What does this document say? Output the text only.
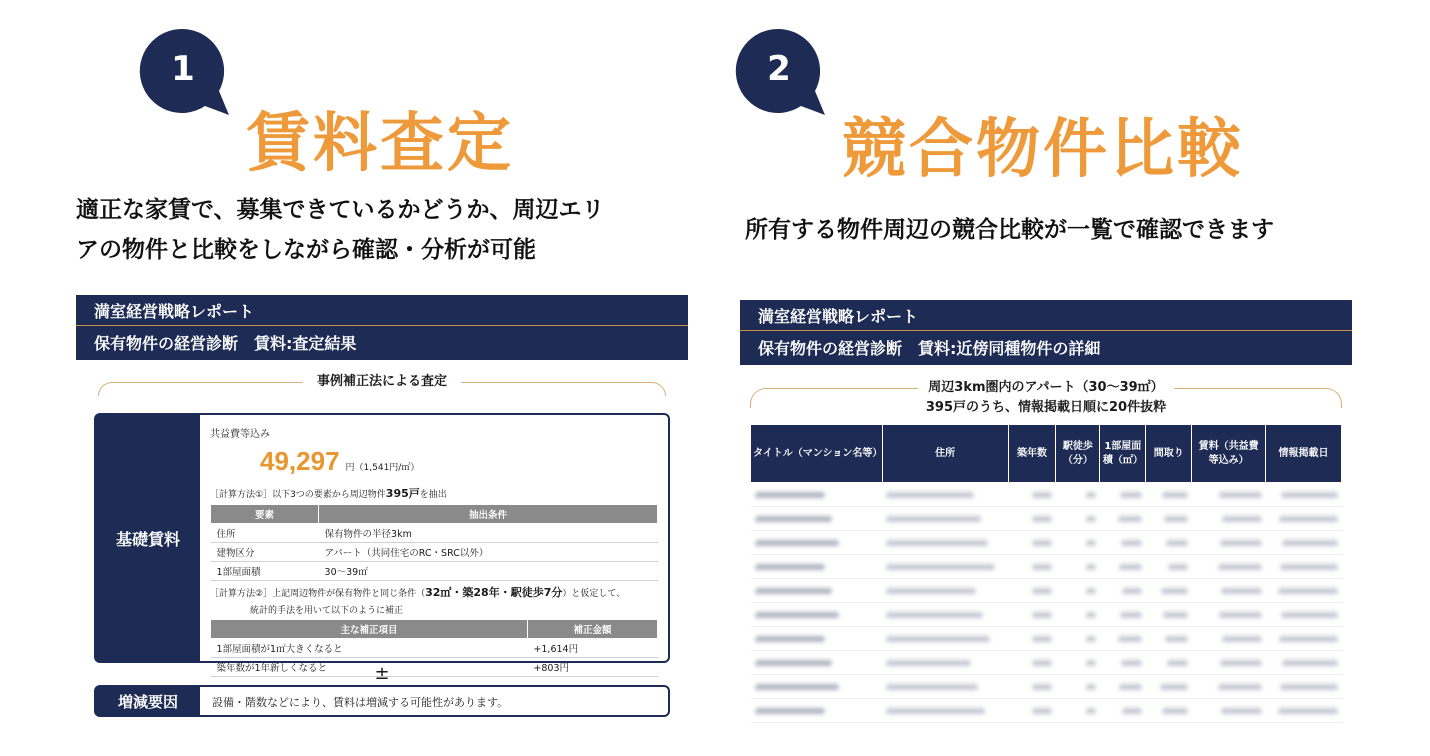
1
賃料査定
適正な家賃で、募集できているかどうか、周辺エリ
アの物件と比較をしながら確認・分析が可能
満室経営戦略レポート
保有物件の経営診断　賃料:査定結果
事例補正法による査定
基礎賃料
共益費等込み
49,297 円（1,541円/㎡）
［計算方法①］以下3つの要素から周辺物件395戸を抽出
要素	抽出条件
住所	保有物件の半径3km
建物区分	アパート（共同住宅のRC・SRC以外）
1部屋面積	30〜39㎡
［計算方法②］上記周辺物件が保有物件と同じ条件（32㎡・築28年・駅徒歩7分）と仮定して、
統計的手法を用いて以下のように補正
主な補正項目	補正金額
1部屋面積が1㎡大きくなると	+1,614円
築年数が1年新しくなると	+803円
±
増減要因	設備・階数などにより、賃料は増減する可能性があります。
2
競合物件比較
所有する物件周辺の競合比較が一覧で確認できます
満室経営戦略レポート
保有物件の経営診断　賃料:近傍同種物件の詳細
周辺3km圏内のアパート（30〜39㎡）
395戸のうち、情報掲載日順に20件抜粋
タイトル（マンション名等）	住所	築年数	駅徒歩（分）	1部屋面積（㎡）	間取り	賃料（共益費等込み）	情報掲載日
